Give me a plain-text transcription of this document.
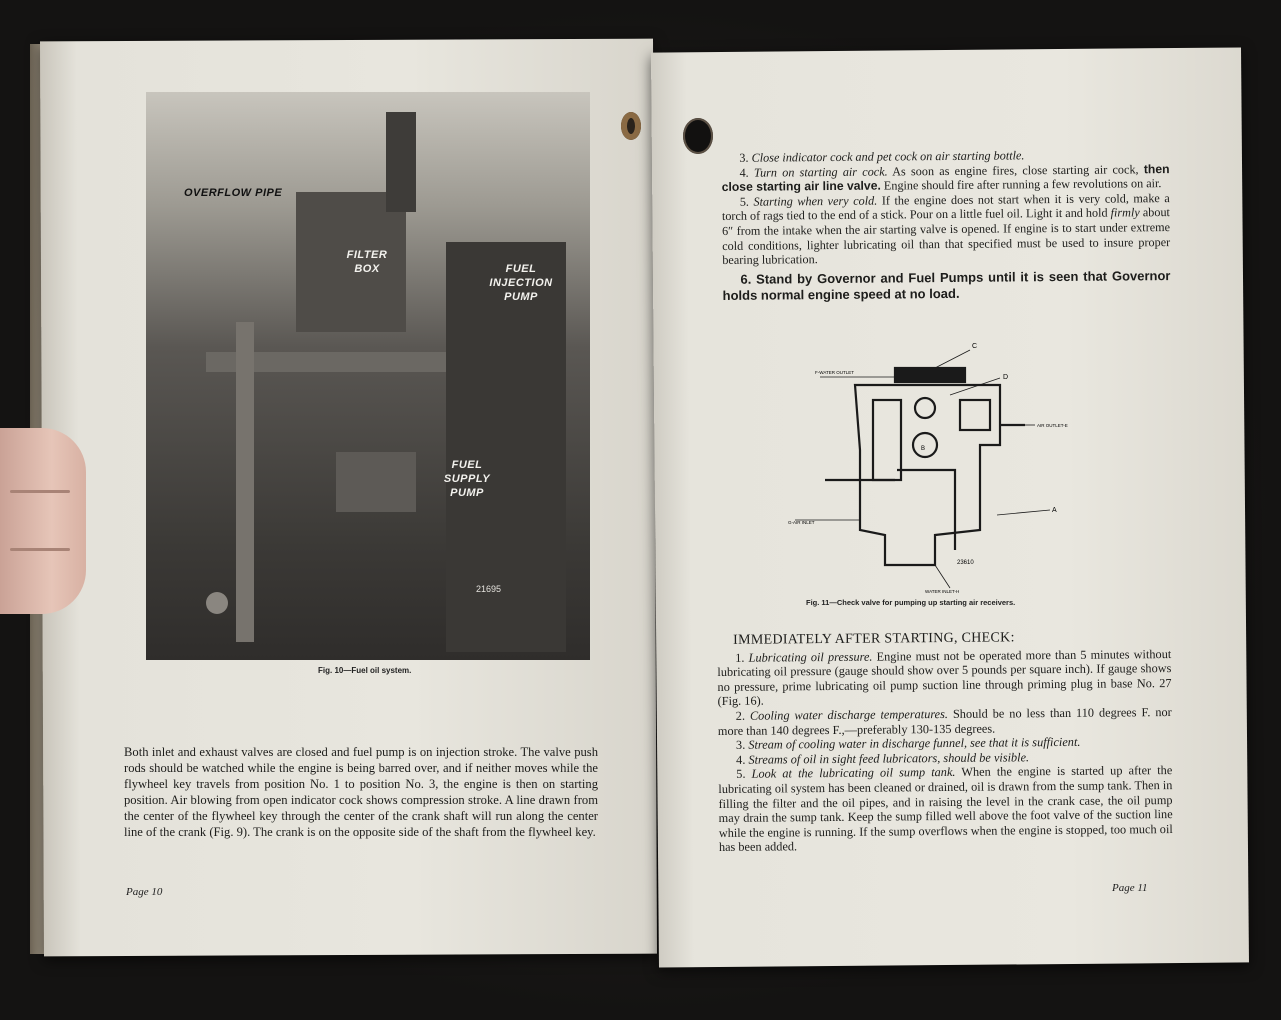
OVERFLOW PIPE
FILTER BOX	FUEL INJECTION PUMP
FUEL SUPPLY PUMP
21695
Fig. 10—Fuel oil system.
Both inlet and exhaust valves are closed and fuel pump is on injection stroke. The valve push rods should be watched while the engine is being barred over, and if neither moves while the flywheel key travels from position No. 1 to position No. 3, the engine is then on starting position. Air blowing from open indicator cock shows compression stroke. A line drawn from the center of the flywheel key through the center of the crank shaft will run along the center line of the crank (Fig. 9). The crank is on the opposite side of the shaft from the flywheel key.
Page 10

3. Close indicator cock and pet cock on air starting bottle.

4. Turn on starting air cock. As soon as engine fires, close starting air cock, then close starting air line valve. Engine should fire after running a few revolutions on air.

5. Starting when very cold. If the engine does not start when it is very cold, make a torch of rags tied to the end of a stick. Pour on a little fuel oil. Light it and hold firmly about 6″ from the intake when the air starting valve is opened. If engine is to start under extreme cold conditions, lighter lubricating oil than that specified must be used to insure proper bearing lubrication.

6. Stand by Governor and Fuel Pumps until it is seen that Governor holds normal engine speed at no load.

C
D
A
B
F-WATER OUTLET
AIR OUTLET-E
G-AIR INLET
WATER INLET-H
23610
Fig. 11—Check valve for pumping up starting air receivers.

IMMEDIATELY AFTER STARTING, CHECK:

1. Lubricating oil pressure. Engine must not be operated more than 5 minutes without lubricating oil pressure (gauge should show over 5 pounds per square inch). If gauge shows no pressure, prime lubricating oil pump suction line through priming plug in base No. 27 (Fig. 16).

2. Cooling water discharge temperatures. Should be no less than 110 degrees F. nor more than 140 degrees F.,—preferably 130-135 degrees.

3. Stream of cooling water in discharge funnel, see that it is sufficient.

4. Streams of oil in sight feed lubricators, should be visible.

5. Look at the lubricating oil sump tank. When the engine is started up after the lubricating oil system has been cleaned or drained, oil is drawn from the sump tank. Then in filling the filter and the oil pipes, and in raising the level in the crank case, the oil pump may drain the sump tank. Keep the sump filled well above the foot valve of the suction line while the engine is running. If the sump overflows when the engine is stopped, too much oil has been added.

Page 11
